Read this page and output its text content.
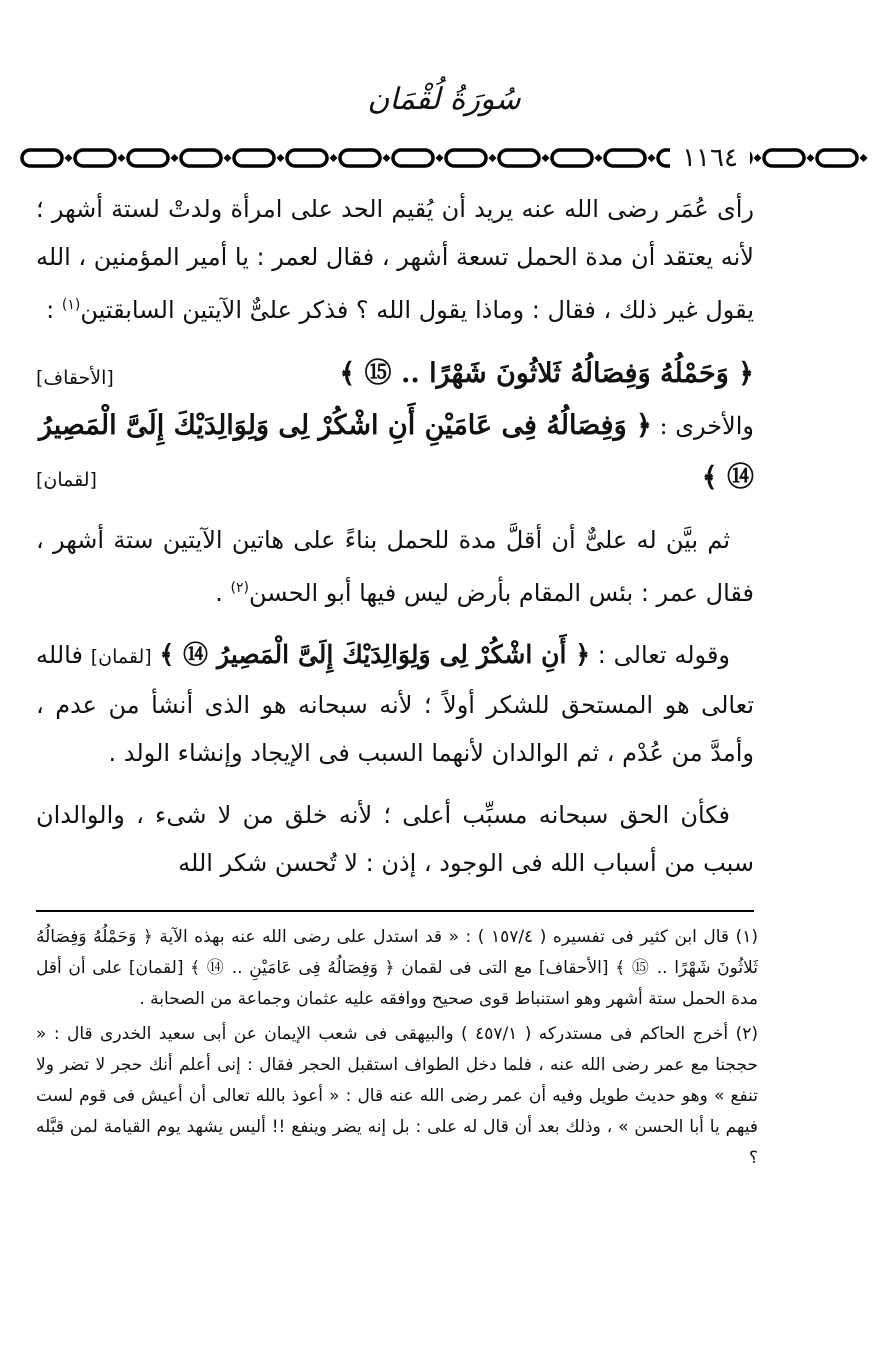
سُورَةُ لُقْمَان
١١٦٤

رأى عُمَر رضى الله عنه يريد أن يُقيم الحد على امرأة ولدتْ لستة أشهر ؛ لأنه يعتقد أن مدة الحمل تسعة أشهر ، فقال لعمر : يا أمير المؤمنين ، الله يقول غير ذلك ، فقال : وماذا يقول الله ؟ فذكر علىٌّ الآيتين السابقتين$^{(١)}$ :

﴿ وَحَمْلُهُ وَفِصَالُهُ ثَلاثُونَ شَهْرًا .. ⑮ ﴾
[الأحقاف]
والأخرى : ﴿ وَفِصَالُهُ فِى عَامَيْنِ أَنِ اشْكُرْ لِى وَلِوَالِدَيْكَ إِلَىَّ الْمَصِيرُ
⑭ ﴾
[لقمان]

ثم بيَّن له علىٌّ أن أقلَّ مدة للحمل بناءً على هاتين الآيتين ستة أشهر ، فقال عمر : بئس المقام بأرض ليس فيها أبو الحسن$^{(٢)}$ .

وقوله تعالى : ﴿ أَنِ اشْكُرْ لِى وَلِوَالِدَيْكَ إِلَىَّ الْمَصِيرُ ⑭ ﴾ [لقمان] فالله تعالى هو المستحق للشكر أولاً ؛ لأنه سبحانه هو الذى أنشأ من عدم ، وأمدَّ من عُدْم ، ثم الوالدان لأنهما السبب فى الإيجاد وإنشاء الولد .

فكأن الحق سبحانه مسبِّب أعلى ؛ لأنه خلق من لا شىء ، والوالدان سبب من أسباب الله فى الوجود ، إذن : لا تُحسن شكر الله

(١) قال ابن كثير فى تفسيره ( ١٥٧/٤ ) : « قد استدل على رضى الله عنه بهذه الآية ﴿ وَحَمْلُهُ وَفِصَالُهُ ثَلاثُونَ شَهْرًا .. ⑮ ﴾ [الأحقاف] مع التى فى لقمان ﴿ وَفِصَالُهُ فِى عَامَيْنِ .. ⑭ ﴾ [لقمان] على أن أقل مدة الحمل ستة أشهر وهو استنباط قوى صحيح ووافقه عليه عثمان وجماعة من الصحابة .

(٢) أخرج الحاكم فى مستدركه ( ٤٥٧/١ ) والبيهقى فى شعب الإيمان عن أبى سعيد الخدرى قال : « حججنا مع عمر رضى الله عنه ، فلما دخل الطواف استقبل الحجر فقال : إنى أعلم أنك حجر لا تضر ولا تنفع » وهو حديث طويل وفيه أن عمر رضى الله عنه قال : « أعوذ بالله تعالى أن أعيش فى قوم لست فيهم يا أبا الحسن » ، وذلك بعد أن قال له على : بل إنه يضر وينفع !! أليس يشهد يوم القيامة لمن قبَّله ؟
